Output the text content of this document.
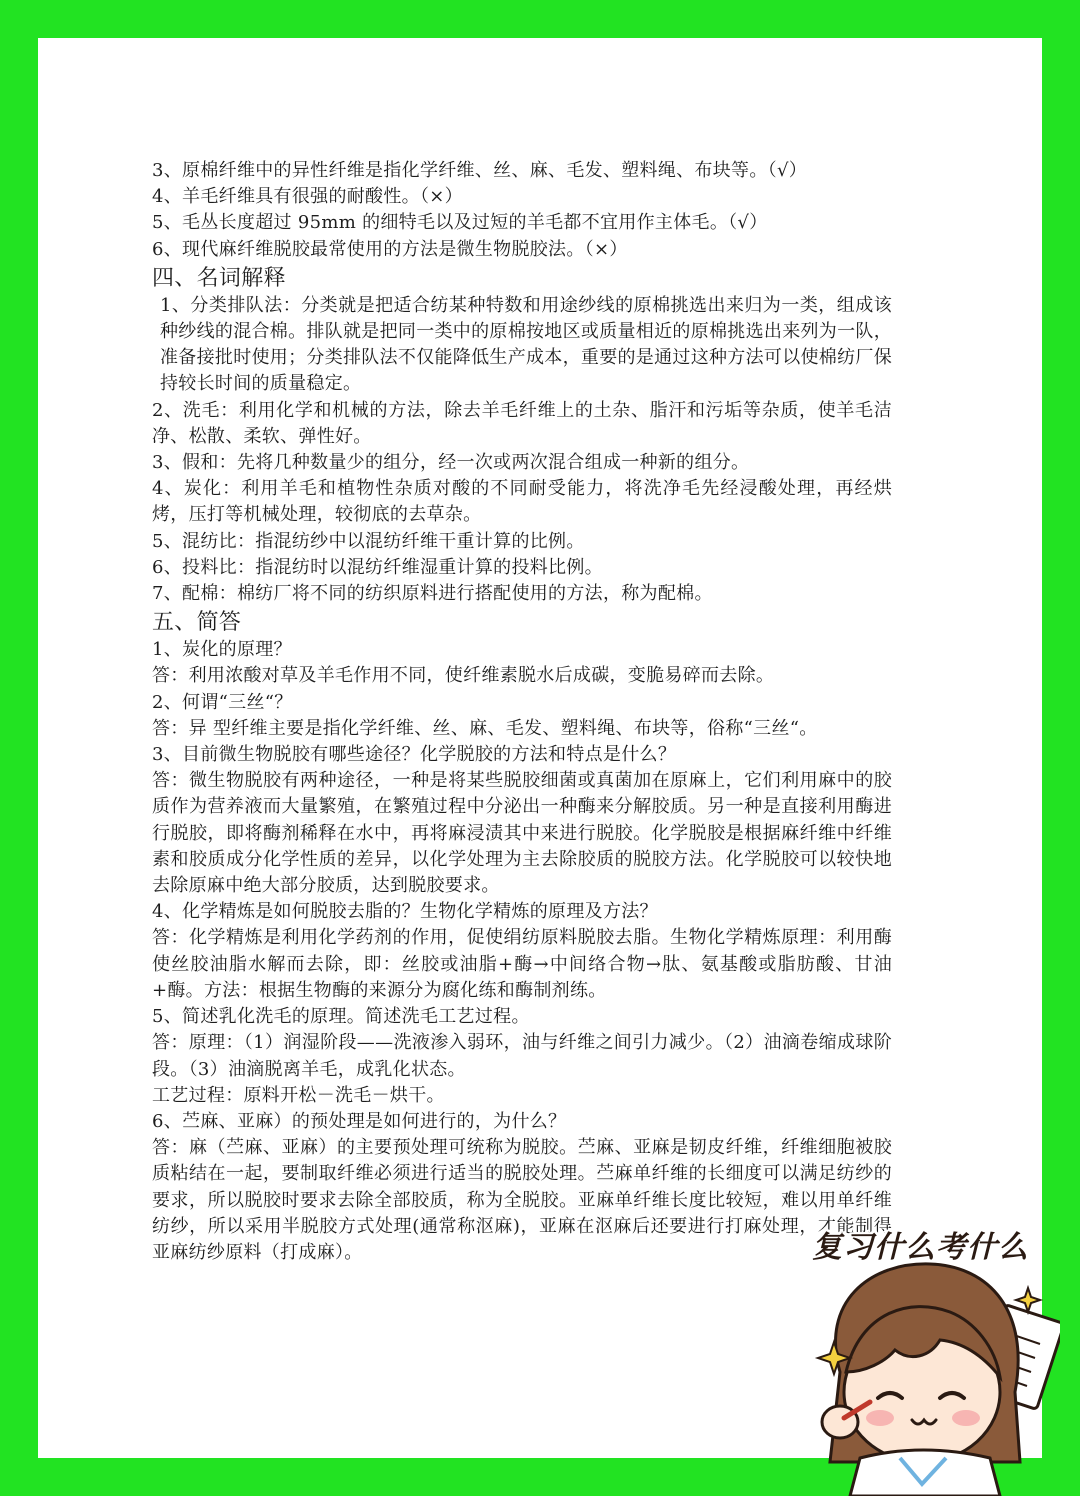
3、原棉纤维中的异性纤维是指化学纤维、丝、麻、毛发、塑料绳、布块等。（√）

4、羊毛纤维具有很强的耐酸性。（×）

5、毛丛长度超过 95mm 的细特毛以及过短的羊毛都不宜用作主体毛。（√）

6、现代麻纤维脱胶最常使用的方法是微生物脱胶法。（×）

四、名词解释

1、分类排队法：分类就是把适合纺某种特数和用途纱线的原棉挑选出来归为一类，组成该种纱线的混合棉。排队就是把同一类中的原棉按地区或质量相近的原棉挑选出来列为一队，准备接批时使用；分类排队法不仅能降低生产成本，重要的是通过这种方法可以使棉纺厂保持较长时间的质量稳定。

2、洗毛：利用化学和机械的方法，除去羊毛纤维上的土杂、脂汗和污垢等杂质，使羊毛洁净、松散、柔软、弹性好。

3、假和：先将几种数量少的组分，经一次或两次混合组成一种新的组分。

4、炭化：利用羊毛和植物性杂质对酸的不同耐受能力，将洗净毛先经浸酸处理，再经烘烤，压打等机械处理，较彻底的去草杂。

5、混纺比：指混纺纱中以混纺纤维干重计算的比例。

6、投料比：指混纺时以混纺纤维湿重计算的投料比例。

7、配棉：棉纺厂将不同的纺织原料进行搭配使用的方法，称为配棉。

五、简答

1、炭化的原理？

答：利用浓酸对草及羊毛作用不同，使纤维素脱水后成碳，变脆易碎而去除。

2、何谓“三丝“？

答：异 型纤维主要是指化学纤维、丝、麻、毛发、塑料绳、布块等，俗称“三丝“。

3、目前微生物脱胶有哪些途径？化学脱胶的方法和特点是什么？

答：微生物脱胶有两种途径，一种是将某些脱胶细菌或真菌加在原麻上，它们利用麻中的胶质作为营养液而大量繁殖，在繁殖过程中分泌出一种酶来分解胶质。另一种是直接利用酶进行脱胶，即将酶剂稀释在水中，再将麻浸渍其中来进行脱胶。化学脱胶是根据麻纤维中纤维素和胶质成分化学性质的差异，以化学处理为主去除胶质的脱胶方法。化学脱胶可以较快地去除原麻中绝大部分胶质，达到脱胶要求。

4、化学精炼是如何脱胶去脂的？生物化学精炼的原理及方法？

答：化学精炼是利用化学药剂的作用，促使绢纺原料脱胶去脂。生物化学精炼原理：利用酶使丝胶油脂水解而去除，即：丝胶或油脂+酶→中间络合物→肽、氨基酸或脂肪酸、甘油+酶。方法：根据生物酶的来源分为腐化练和酶制剂练。

5、简述乳化洗毛的原理。简述洗毛工艺过程。

答：原理：（1）润湿阶段——洗液渗入弱环，油与纤维之间引力减少。（2）油滴卷缩成球阶段。（3）油滴脱离羊毛，成乳化状态。

工艺过程：原料开松－洗毛－烘干。

6、苎麻、亚麻）的预处理是如何进行的，为什么？

答：麻（苎麻、亚麻）的主要预处理可统称为脱胶。苎麻、亚麻是韧皮纤维，纤维细胞被胶质粘结在一起，要制取纤维必须进行适当的脱胶处理。苎麻单纤维的长细度可以满足纺纱的要求，所以脱胶时要求去除全部胶质，称为全脱胶。亚麻单纤维长度比较短，难以用单纤维纺纱，所以采用半脱胶方式处理(通常称沤麻)，亚麻在沤麻后还要进行打麻处理，才能制得亚麻纺纱原料（打成麻）。	复习什么考什么
